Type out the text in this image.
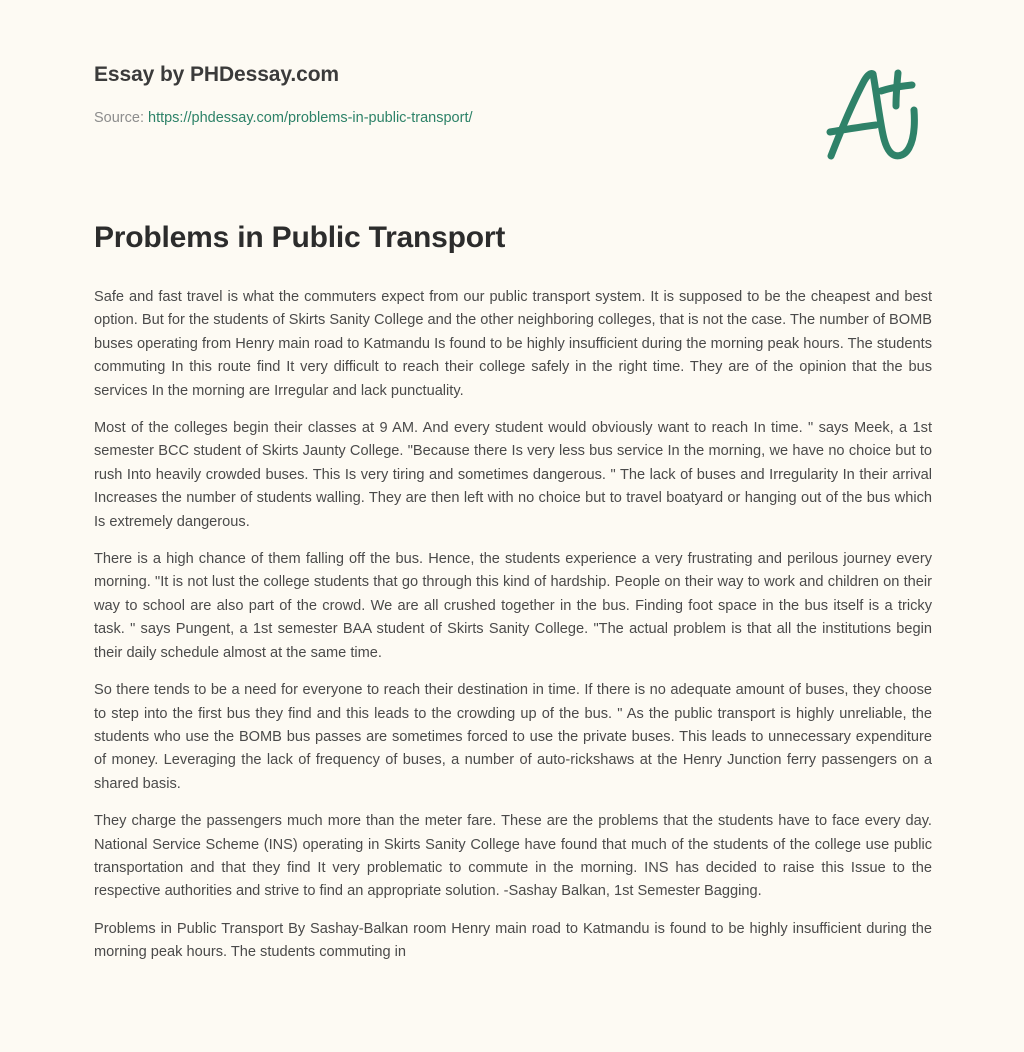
Essay by PHDessay.com

Source: https://phdessay.com/problems-in-public-transport/

Problems in Public Transport

Safe and fast travel is what the commuters expect from our public transport system. It is supposed to be the cheapest and best option. But for the students of Skirts Sanity College and the other neighboring colleges, that is not the case. The number of BOMB buses operating from Henry main road to Katmandu Is found to be highly insufficient during the morning peak hours. The students commuting In this route find It very difficult to reach their college safely in the right time. They are of the opinion that the bus services In the morning are Irregular and lack punctuality.

Most of the colleges begin their classes at 9 AM. And every student would obviously want to reach In time. " says Meek, a 1st semester BCC student of Skirts Jaunty College. "Because there Is very less bus service In the morning, we have no choice but to rush Into heavily crowded buses. This Is very tiring and sometimes dangerous. " The lack of buses and Irregularity In their arrival Increases the number of students walling. They are then left with no choice but to travel boatyard or hanging out of the bus which Is extremely dangerous.

There is a high chance of them falling off the bus. Hence, the students experience a very frustrating and perilous journey every morning. "It is not lust the college students that go through this kind of hardship. People on their way to work and children on their way to school are also part of the crowd. We are all crushed together in the bus. Finding foot space in the bus itself is a tricky task. " says Pungent, a 1st semester BAA student of Skirts Sanity College. "The actual problem is that all the institutions begin their daily schedule almost at the same time.

So there tends to be a need for everyone to reach their destination in time. If there is no adequate amount of buses, they choose to step into the first bus they find and this leads to the crowding up of the bus. " As the public transport is highly unreliable, the students who use the BOMB bus passes are sometimes forced to use the private buses. This leads to unnecessary expenditure of money. Leveraging the lack of frequency of buses, a number of auto-rickshaws at the Henry Junction ferry passengers on a shared basis.

They charge the passengers much more than the meter fare. These are the problems that the students have to face every day. National Service Scheme (INS) operating in Skirts Sanity College have found that much of the students of the college use public transportation and that they find It very problematic to commute in the morning. INS has decided to raise this Issue to the respective authorities and strive to find an appropriate solution. -Sashay Balkan, 1st Semester Bagging.

Problems in Public Transport By Sashay-Balkan room Henry main road to Katmandu is found to be highly insufficient during the morning peak hours. The students commuting in
